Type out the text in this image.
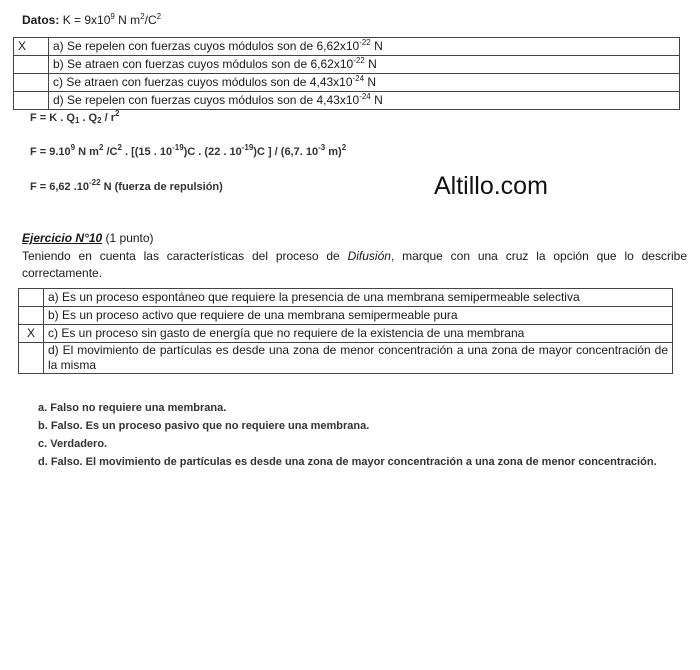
Datos: $K = 9x10^9$ N $m^2/C^2$
X	a) Se repelen con fuerzas cuyos módulos son de $6,62x10^{-22}$ N
	b) Se atraen con fuerzas cuyos módulos son de $6,62x10^{-22}$ N
	c) Se atraen con fuerzas cuyos módulos son de $4,43x10^{-24}$ N
	d) Se repelen con fuerzas cuyos módulos son de $4,43x10^{-24}$ N
F = K . $Q_1$ . $Q_2 / r^2$
$F = 9.10^9$ N $m^2$ $/C^2$ . [(15 . $10^{-19})C$ . (22 . $10^{-19})C$ ] / (6,7. $10^{-3}$ m)$^2$
F = 6,62 $.10^{-22}$ N (fuerza de repulsión)	Altillo.com
Ejercicio N°10 (1 punto)
Teniendo en cuenta las características del proceso de Difusión, marque con una cruz la opción que lo describe correctamente.
	a) Es un proceso espontáneo que requiere la presencia de una membrana semipermeable selectiva
	b) Es un proceso activo que requiere de una membrana semipermeable pura
X	c) Es un proceso sin gasto de energía que no requiere de la existencia de una membrana
	d) El movimiento de partículas es desde una zona de menor concentración a una zona de mayor concentración de la misma
a. Falso no requiere una membrana.
b. Falso. Es un proceso pasivo que no requiere una membrana.
c. Verdadero.
d. Falso. El movimiento de partículas es desde una zona de mayor concentración a una zona de menor concentración.
